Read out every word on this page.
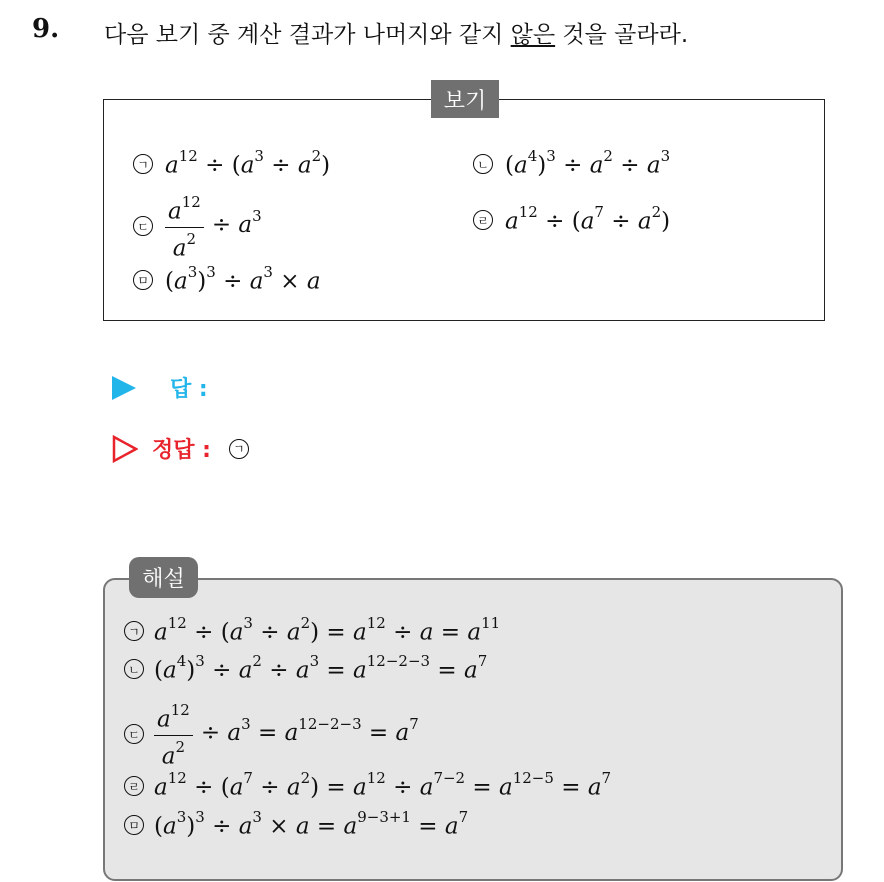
9. 다음 보기 중 계산 결과가 나머지와 같지 않은 것을 골라라.
보기
ㄱ $a^{12} \div (a^3 \div a^2)$	ㄴ $(a^4)^3 \div a^2 \div a^3$
ㄷ $\frac{a^{12}}{a^2} \div a^3$	ㄹ $a^{12} \div (a^7 \div a^2)$
ㅁ $(a^3)^3 \div a^3 \times a$
답 :
정답 :	ㄱ
해설
ㄱ $a^{12} \div (a^3 \div a^2) = a^{12} \div a = a^{11}$
ㄴ $(a^4)^3 \div a^2 \div a^3 = a^{12-2-3} = a^7$
ㄷ $\frac{a^{12}}{a^2} \div a^3 = a^{12-2-3} = a^7$
ㄹ $a^{12} \div (a^7 \div a^2) = a^{12} \div a^{7-2} = a^{12-5} = a^7$
ㅁ $(a^3)^3 \div a^3 \times a = a^{9-3+1} = a^7$
